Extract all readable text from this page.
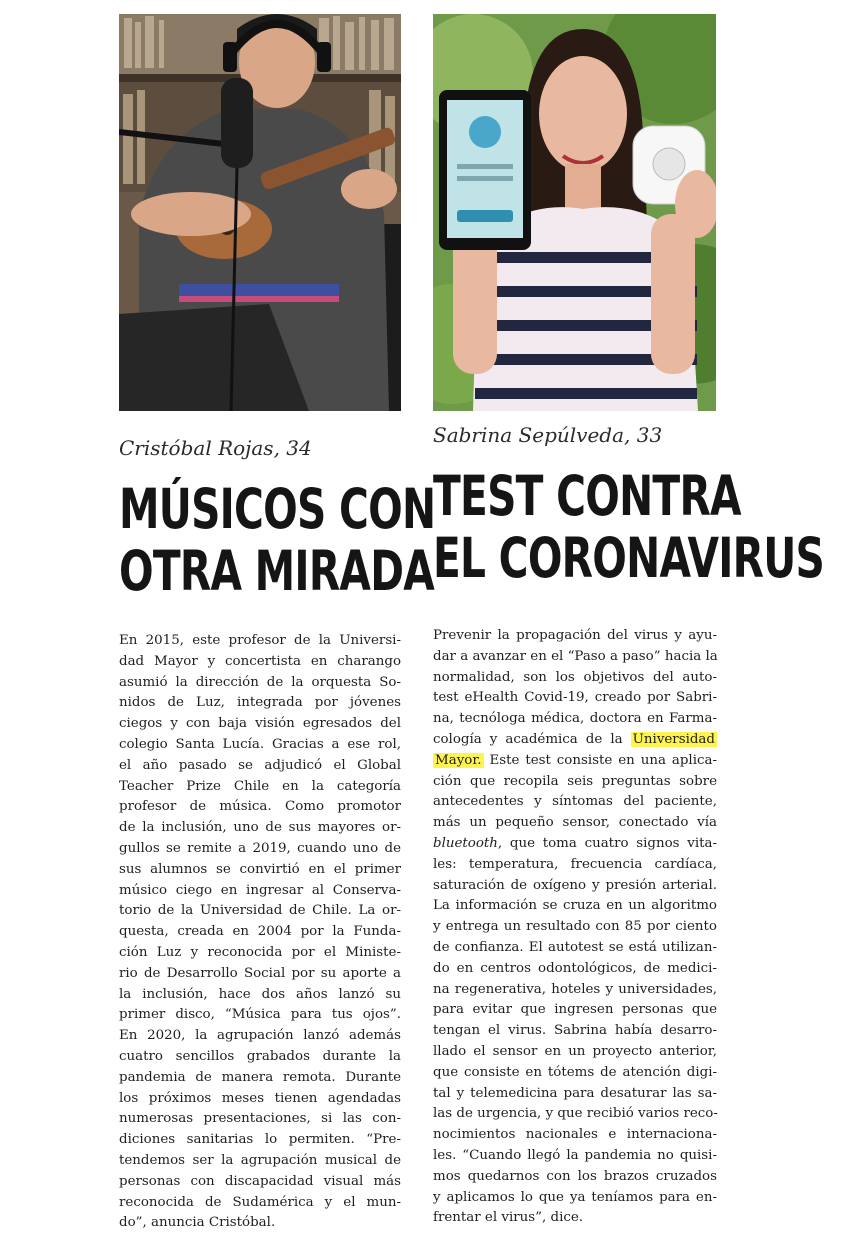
Cristóbal Rojas, 34
Sabrina Sepúlveda, 33
MÚSICOS CON
OTRA MIRADA
TEST CONTRA
EL CORONAVIRUS
En 2015, este profesor de la Universi-
dad Mayor y concertista en charango
asumió la dirección de la orquesta So-
nidos de Luz, integrada por jóvenes
ciegos y con baja visión egresados del
colegio Santa Lucía. Gracias a ese rol,
el año pasado se adjudicó el Global
Teacher Prize Chile en la categoría
profesor de música. Como promotor
de la inclusión, uno de sus mayores or-
gullos se remite a 2019, cuando uno de
sus alumnos se convirtió en el primer
músico ciego en ingresar al Conserva-
torio de la Universidad de Chile. La or-
questa, creada en 2004 por la Funda-
ción Luz y reconocida por el Ministe-
rio de Desarrollo Social por su aporte a
la inclusión, hace dos años lanzó su
primer disco, “Música para tus ojos”.
En 2020, la agrupación lanzó además
cuatro sencillos grabados durante la
pandemia de manera remota. Durante
los próximos meses tienen agendadas
numerosas presentaciones, si las con-
diciones sanitarias lo permiten. “Pre-
tendemos ser la agrupación musical de
personas con discapacidad visual más
reconocida de Sudamérica y el mun-
do”, anuncia Cristóbal.
Prevenir la propagación del virus y ayu-
dar a avanzar en el “Paso a paso” hacia la
normalidad, son los objetivos del auto-
test eHealth Covid-19, creado por Sabri-
na, tecnóloga médica, doctora en Farma-
cología y académica de la Universidad
Mayor. Este test consiste en una aplica-
ción que recopila seis preguntas sobre
antecedentes y síntomas del paciente,
más un pequeño sensor, conectado vía
bluetooth, que toma cuatro signos vita-
les: temperatura, frecuencia cardíaca,
saturación de oxígeno y presión arterial.
La información se cruza en un algoritmo
y entrega un resultado con 85 por ciento
de confianza. El autotest se está utilizan-
do en centros odontológicos, de medici-
na regenerativa, hoteles y universidades,
para evitar que ingresen personas que
tengan el virus. Sabrina había desarro-
llado el sensor en un proyecto anterior,
que consiste en tótems de atención digi-
tal y telemedicina para desaturar las sa-
las de urgencia, y que recibió varios reco-
nocimientos nacionales e internaciona-
les. “Cuando llegó la pandemia no quisi-
mos quedarnos con los brazos cruzados
y aplicamos lo que ya teníamos para en-
frentar el virus”, dice.
